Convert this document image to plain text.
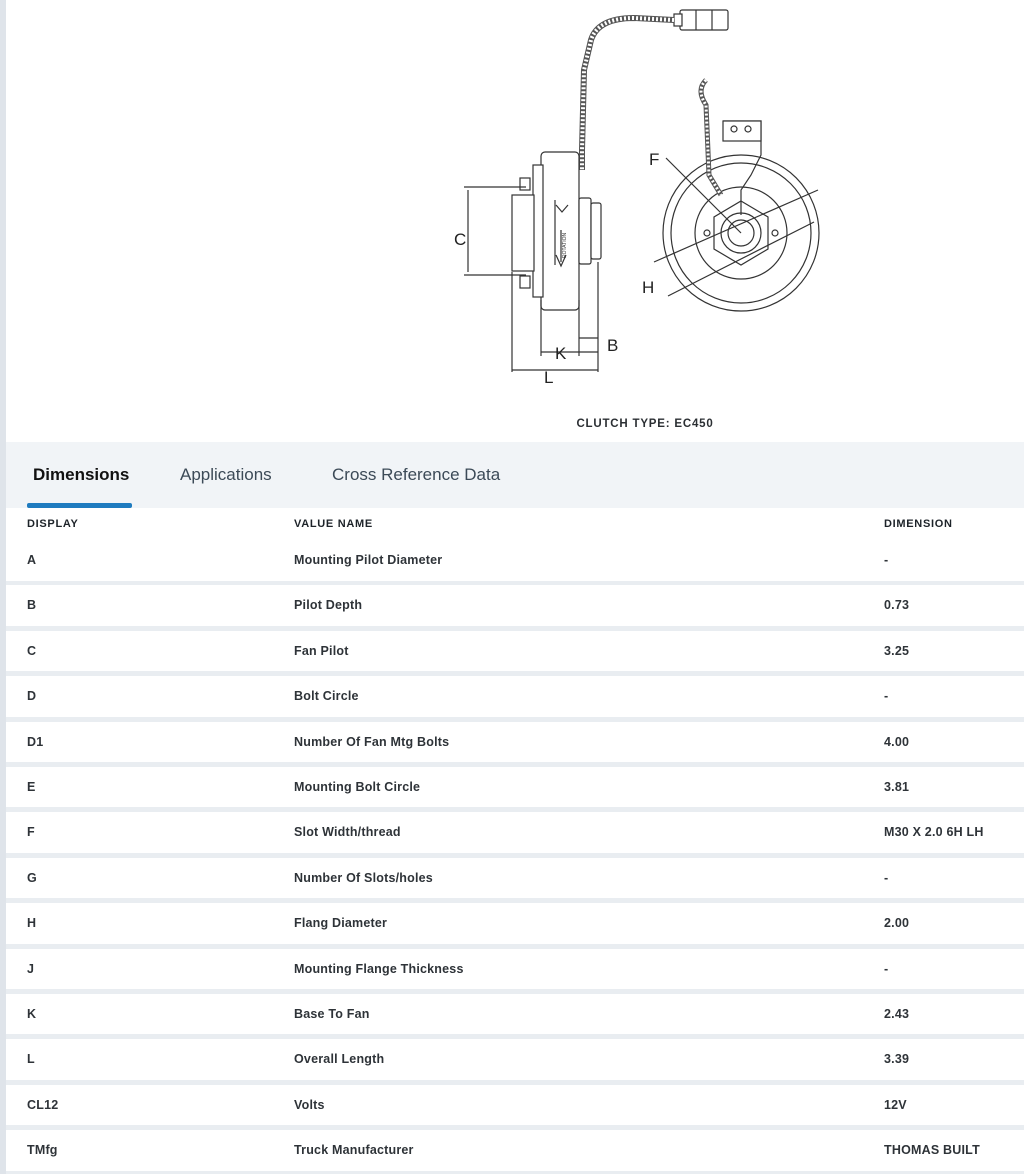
C
K B
L
F
H
ROTATION
CLUTCH TYPE: EC450
Dimensions	Applications	Cross Reference Data
DISPLAY	VALUE NAME	DIMENSION
A	Mounting Pilot Diameter	-
B	Pilot Depth	0.73
C	Fan Pilot	3.25
D	Bolt Circle	-
D1	Number Of Fan Mtg Bolts	4.00
E	Mounting Bolt Circle	3.81
F	Slot Width/thread	M30 X 2.0 6H LH
G	Number Of Slots/holes	-
H	Flang Diameter	2.00
J	Mounting Flange Thickness	-
K	Base To Fan	2.43
L	Overall Length	3.39
CL12	Volts	12V
TMfg	Truck Manufacturer	THOMAS BUILT
